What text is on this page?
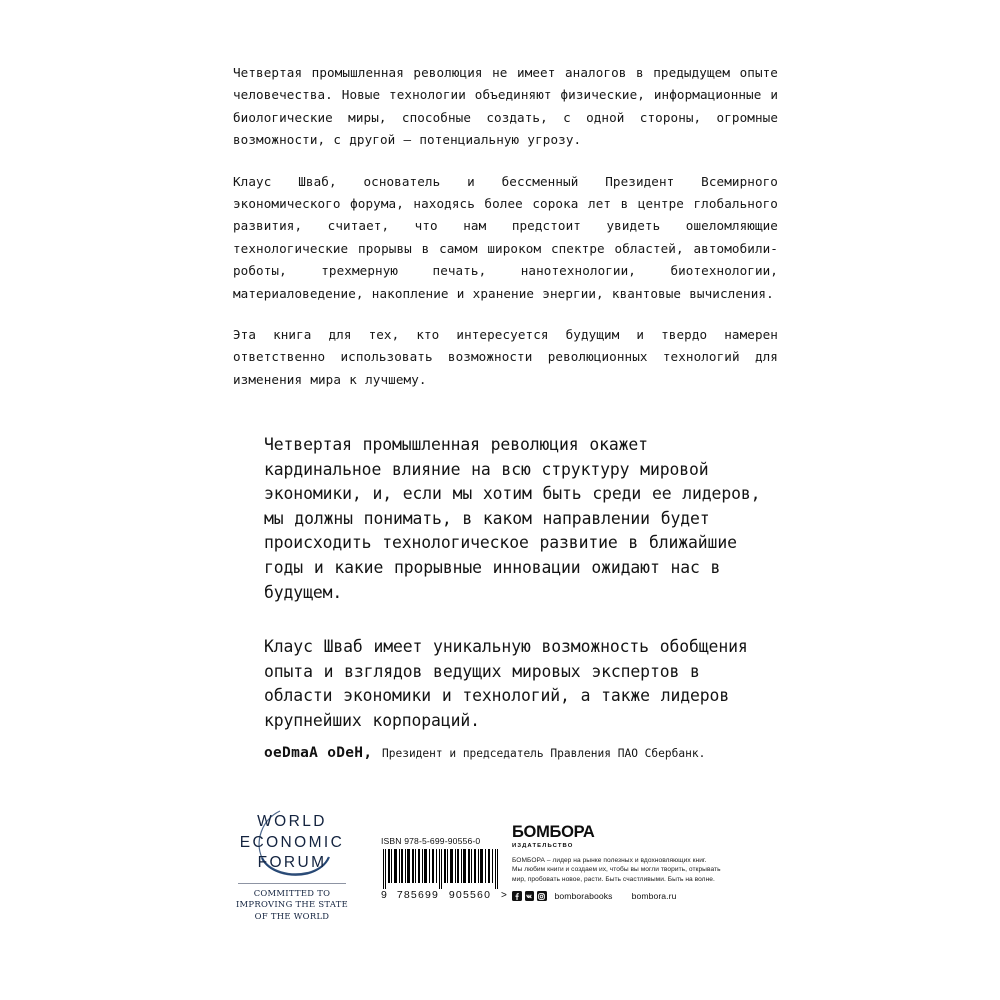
Четвертая промышленная революция не имеет аналогов в предыдущем опыте человечества. Новые технологии объединяют физические, информационные и биологические миры, способные создать, с одной стороны, огромные возможности, с другой — потенциальную угрозу.

Клаус Шваб, основатель и бессменный Президент Всемирного экономического форума, находясь более сорока лет в центре глобального развития, считает, что нам предстоит увидеть ошеломляющие технологические прорывы в самом широком спектре областей, автомобили-роботы, трехмерную печать, нанотехнологии, биотехнологии, материаловедение, накопление и хранение энергии, квантовые вычисления.

Эта книга для тех, кто интересуется будущим и твердо намерен ответственно использовать возможности революционных технологий для изменения мира к лучшему.

Четвертая промышленная революция окажет кардинальное влияние на всю структуру мировой экономики, и, если мы хотим быть среди ее лидеров, мы должны понимать, в каком направлении будет происходить технологическое развитие в ближайшие годы и какие прорывные инновации ожидают нас в будущем.

Клаус Шваб имеет уникальную возможность обобщения опыта и взглядов ведущих мировых экспертов в области экономики и технологий, а также лидеров крупнейших корпораций.

oeDmaA oDeH, Президент и председатель Правления ПАО Сбербанк.
WORLD
ECONOMIC
FORUM
COMMITTED TO
IMPROVING THE STATE
OF THE WORLD
ISBN 978-5-699-90556-0
9 785699 905560 >
БОМБОРА
ИЗДАТЕЛЬСТВО

БОМБОРА – лидер на рынке полезных и вдохновляющих книг.

Мы любим книги и создаем их, чтобы вы могли творить, открывать

мир, пробовать новое, расти. Быть счастливыми. Быть на волне.

bomborabooks bombora.ru
